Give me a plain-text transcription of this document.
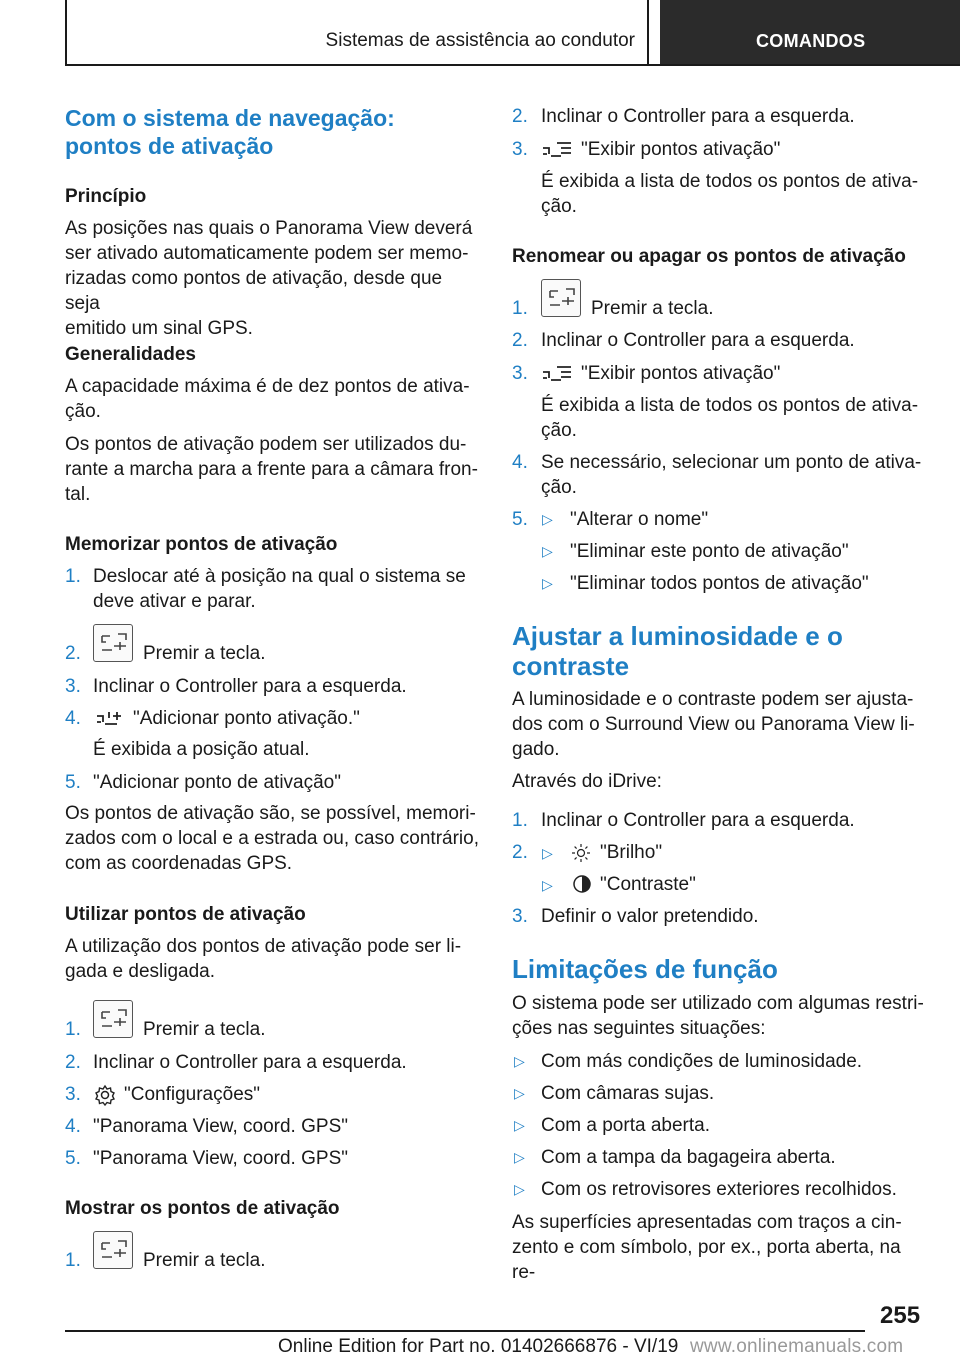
Sistemas de assistência ao condutor	COMANDOS
Com o sistema de navegação:
pontos de ativação
Princípio
As posições nas quais o Panorama View deverá
ser ativado automaticamente podem ser memo-
rizadas como pontos de ativação, desde que seja
emitido um sinal GPS.
Generalidades
A capacidade máxima é de dez pontos de ativa-
ção.
Os pontos de ativação podem ser utilizados du-
rante a marcha para a frente para a câmara fron-
tal.
Memorizar pontos de ativação
1. Deslocar até à posição na qual o sistema se
deve ativar e parar.
2.	Premir a tecla.
3. Inclinar o Controller para a esquerda.
4.	"Adicionar ponto ativação."
É exibida a posição atual.
5. "Adicionar ponto de ativação"
Os pontos de ativação são, se possível, memori-
zados com o local e a estrada ou, caso contrário,
com as coordenadas GPS.
Utilizar pontos de ativação
A utilização dos pontos de ativação pode ser li-
gada e desligada.
1.	Premir a tecla.
2. Inclinar o Controller para a esquerda.
3. "Configurações"
4. "Panorama View, coord. GPS"
5. "Panorama View, coord. GPS"
Mostrar os pontos de ativação
1.	Premir a tecla.
2. Inclinar o Controller para a esquerda.
3.	"Exibir pontos ativação"
É exibida a lista de todos os pontos de ativa-
ção.
Renomear ou apagar os pontos de ativação
1.	Premir a tecla.
2. Inclinar o Controller para a esquerda.
3.	"Exibir pontos ativação"
É exibida a lista de todos os pontos de ativa-
ção.
4. Se necessário, selecionar um ponto de ativa-
ção.
5. ▷ "Alterar o nome"
▷ "Eliminar este ponto de ativação"
▷ "Eliminar todos pontos de ativação"
Ajustar a luminosidade e o
contraste
A luminosidade e o contraste podem ser ajusta-
dos com o Surround View ou Panorama View li-
gado.
Através do iDrive:
1. Inclinar o Controller para a esquerda.
2. ▷ "Brilho"
▷ "Contraste"
3. Definir o valor pretendido.
Limitações de função
O sistema pode ser utilizado com algumas restri-
ções nas seguintes situações:
▷ Com más condições de luminosidade.
▷ Com câmaras sujas.
▷ Com a porta aberta.
▷ Com a tampa da bagageira aberta.
▷ Com os retrovisores exteriores recolhidos.
As superfícies apresentadas com traços a cin-
zento e com símbolo, por ex., porta aberta, na re-
255
Online Edition for Part no. 01402666876 - VI/19 www.onlinemanuals.com
